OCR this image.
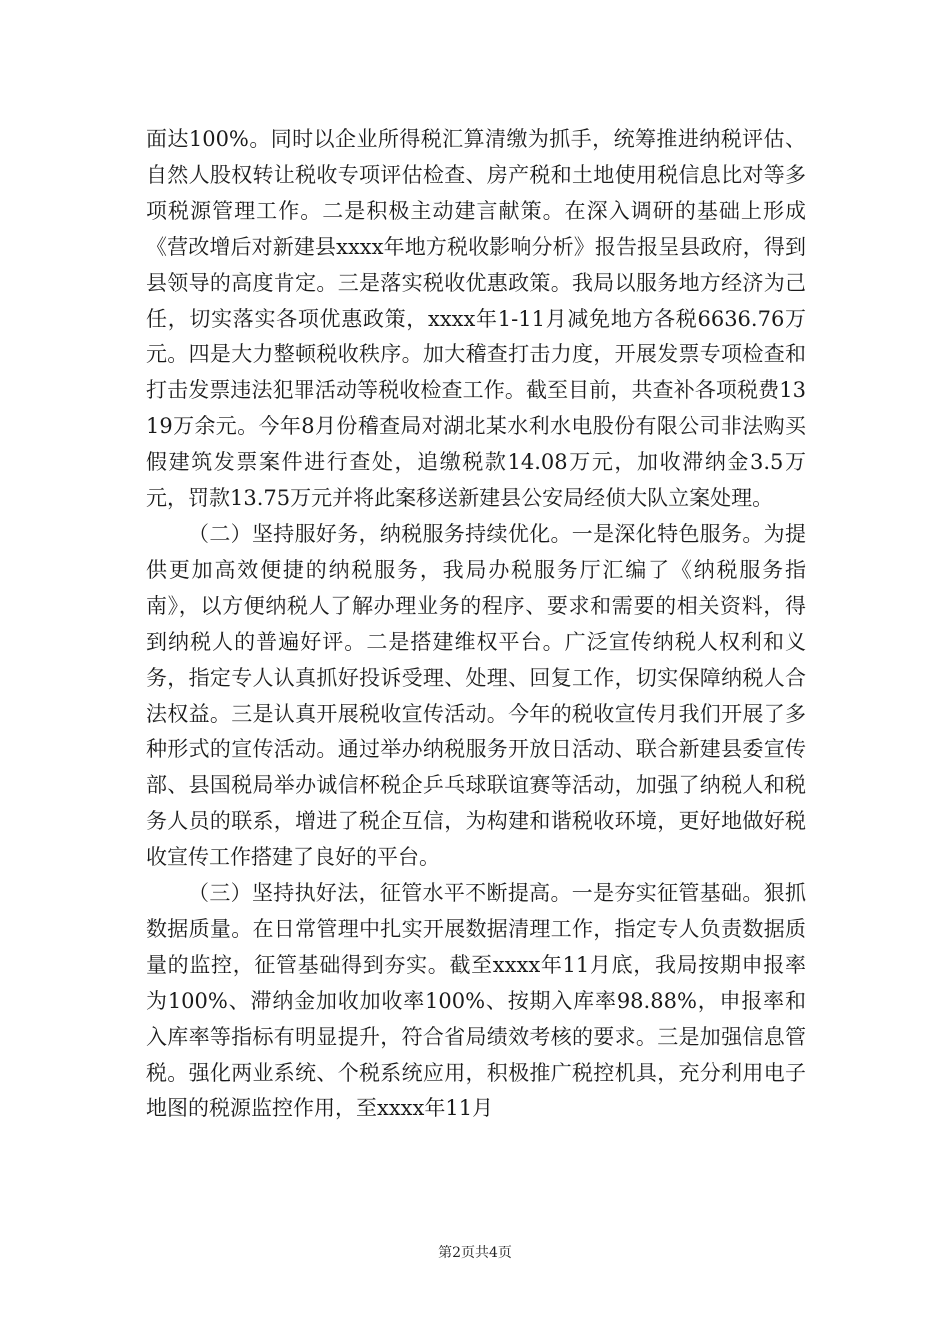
面达100%。同时以企业所得税汇算清缴为抓手，统筹推进纳税评估、自然人股权转让税收专项评估检查、房产税和土地使用税信息比对等多项税源管理工作。二是积极主动建言献策。在深入调研的基础上形成《营改增后对新建县xxxx年地方税收影响分析》报告报呈县政府，得到县领导的高度肯定。三是落实税收优惠政策。我局以服务地方经济为己任，切实落实各项优惠政策，xxxx年1-11月减免地方各税6636.76万元。四是大力整顿税收秩序。加大稽查打击力度，开展发票专项检查和打击发票违法犯罪活动等税收检查工作。截至目前，共查补各项税费1319万余元。今年8月份稽查局对湖北某水利水电股份有限公司非法购买假建筑发票案件进行查处，追缴税款14.08万元，加收滞纳金3.5万元，罚款13.75万元并将此案移送新建县公安局经侦大队立案处理。

（二）坚持服好务，纳税服务持续优化。一是深化特色服务。为提供更加高效便捷的纳税服务，我局办税服务厅汇编了《纳税服务指南》，以方便纳税人了解办理业务的程序、要求和需要的相关资料，得到纳税人的普遍好评。二是搭建维权平台。广泛宣传纳税人权利和义务，指定专人认真抓好投诉受理、处理、回复工作，切实保障纳税人合法权益。三是认真开展税收宣传活动。今年的税收宣传月我们开展了多种形式的宣传活动。通过举办纳税服务开放日活动、联合新建县委宣传部、县国税局举办诚信杯税企乒乓球联谊赛等活动，加强了纳税人和税务人员的联系，增进了税企互信，为构建和谐税收环境，更好地做好税收宣传工作搭建了良好的平台。

（三）坚持执好法，征管水平不断提高。一是夯实征管基础。狠抓数据质量。在日常管理中扎实开展数据清理工作，指定专人负责数据质量的监控，征管基础得到夯实。截至xxxx年11月底，我局按期申报率为100%、滞纳金加收加收率100%、按期入库率98.88%，申报率和入库率等指标有明显提升，符合省局绩效考核的要求。三是加强信息管税。强化两业系统、个税系统应用，积极推广税控机具，充分利用电子地图的税源监控作用，至xxxx年11月

第2页共4页
